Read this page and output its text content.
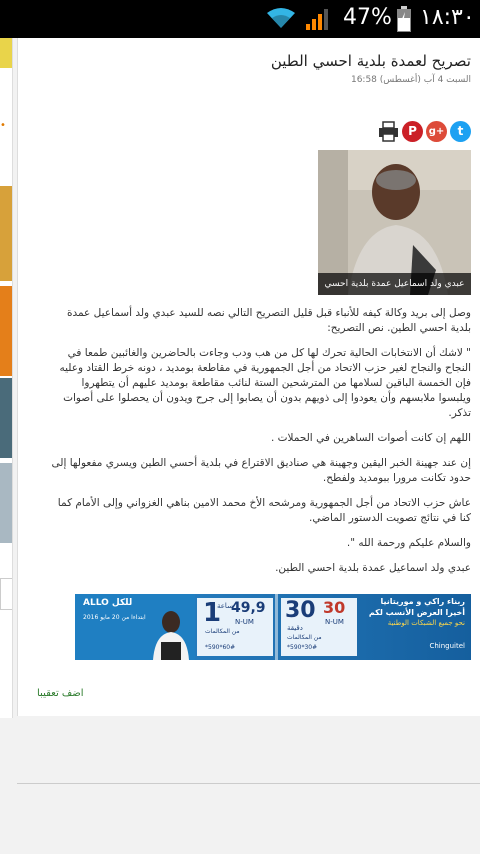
47% ١٨:٣٠
•
تصريح لعمدة بلدية احسي الطين
السبت 4 آب (أغسطس) 16:58
P	g+	t
عبدي ولد اسماعيل عمدة بلدية احسي

وصل إلى بريد وكالة كيفه للأنباء قبل قليل التصريح التالي نصه للسيد عبدي ولد أسماعيل عمدة بلدية احسي الطين. نص التصريح:

" لاشك أن الانتخابات الحالية تحرك لها كل من هب ودب وجاءت بالحاضرين والغائبين طمعا في النجاح والنجاح لغير حزب الاتحاد من أجل الجمهورية في مقاطعة بومديد ، دونه خرط القتاد وعليه فإن الخمسة الباقين لسلامها من المترشحين الستة لنائب مقاطعة بومديد عليهم أن يتطهروا ويلبسوا ملابسهم وأن يعودوا إلى ذويهم بدون أن يصابوا إلى جرح ويدون أن يحصلوا على أصوات تذكر.

اللهم إن كانت أصوات الساهرين في الحملات .

إن عند جهينة الخبر اليقين وجهينة هي صناديق الاقتراع في بلدية أحسي الطين ويسري مفعولها إلى حدود تكانت مرورا ببومديد ولفطح.

عاش حزب الاتحاد من أجل الجمهورية ومرشحه الأخ محمد الامين بناهي الغزواني وإلى الأمام كما كنا في نتائج تصويت الدستور الماضي.

والسلام عليكم ورحمة الله ".

عبدي ولد اسماعيل عمدة بلدية احسي الطين.

ALLO للكل
ابتداءا من 20 مايو 2016 1
ساعة
49,9
N-UM
من المكالمات
*590*60#
30
دقيقة
30
N-UM
من المكالمات
*590*30#
ربناء راكي و موريتانيا
أخيرا العرض الأنسب لكم
نحو جميع الشبكات الوطنية
Chinguitel
اضف تعقيبا
